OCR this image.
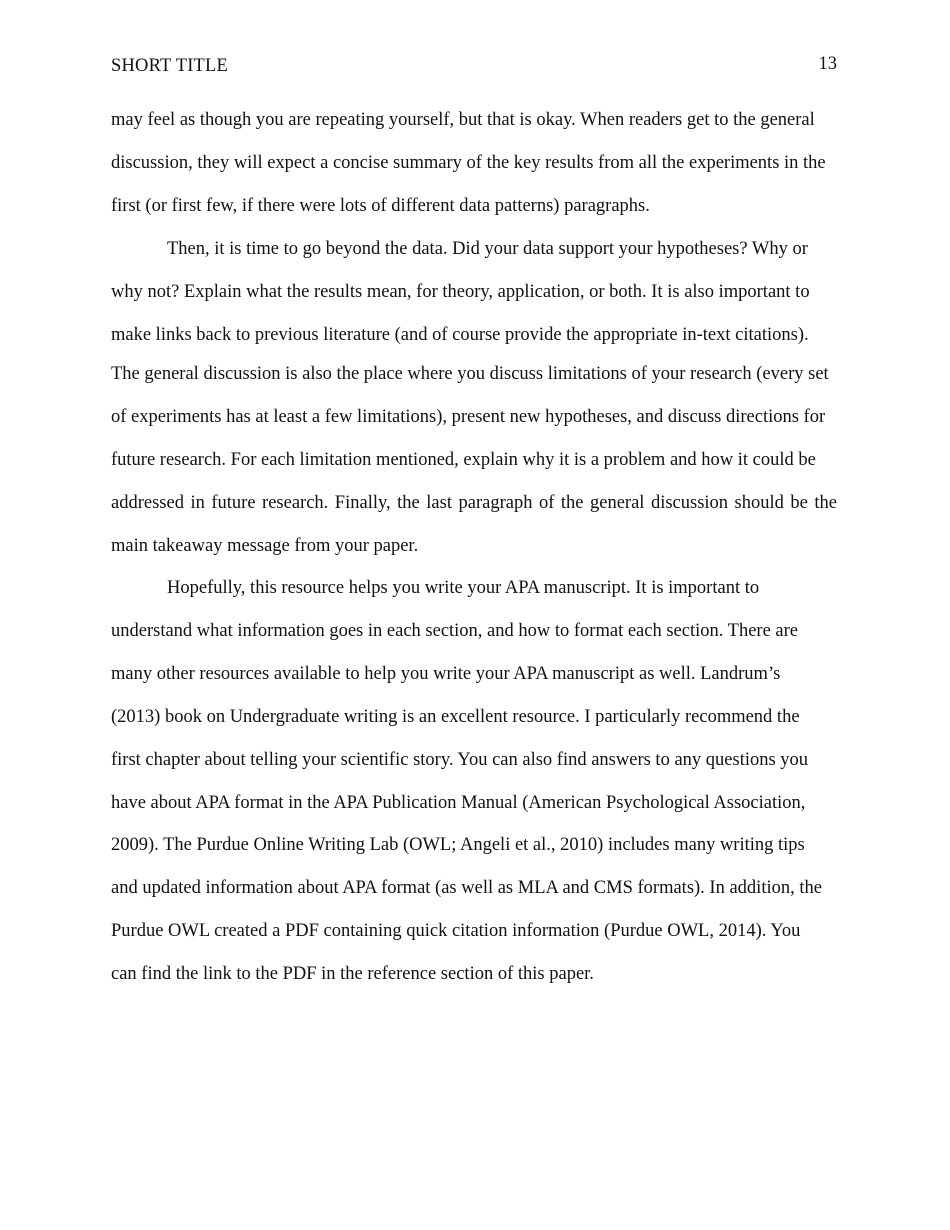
SHORT TITLE	13
may feel as though you are repeating yourself, but that is okay. When readers get to the general
discussion, they will expect a concise summary of the key results from all the experiments in the
first (or first few, if there were lots of different data patterns) paragraphs.
Then, it is time to go beyond the data. Did your data support your hypotheses? Why or
why not? Explain what the results mean, for theory, application, or both. It is also important to
make links back to previous literature (and of course provide the appropriate in-text citations).
The general discussion is also the place where you discuss limitations of your research (every set
of experiments has at least a few limitations), present new hypotheses, and discuss directions for
future research. For each limitation mentioned, explain why it is a problem and how it could be
addressed in future research. Finally, the last paragraph of the general discussion should be the
main takeaway message from your paper.
Hopefully, this resource helps you write your APA manuscript. It is important to
understand what information goes in each section, and how to format each section. There are
many other resources available to help you write your APA manuscript as well. Landrum’s
(2013) book on Undergraduate writing is an excellent resource. I particularly recommend the
first chapter about telling your scientific story. You can also find answers to any questions you
have about APA format in the APA Publication Manual (American Psychological Association,
2009). The Purdue Online Writing Lab (OWL; Angeli et al., 2010) includes many writing tips
and updated information about APA format (as well as MLA and CMS formats). In addition, the
Purdue OWL created a PDF containing quick citation information (Purdue OWL, 2014). You
can find the link to the PDF in the reference section of this paper.
